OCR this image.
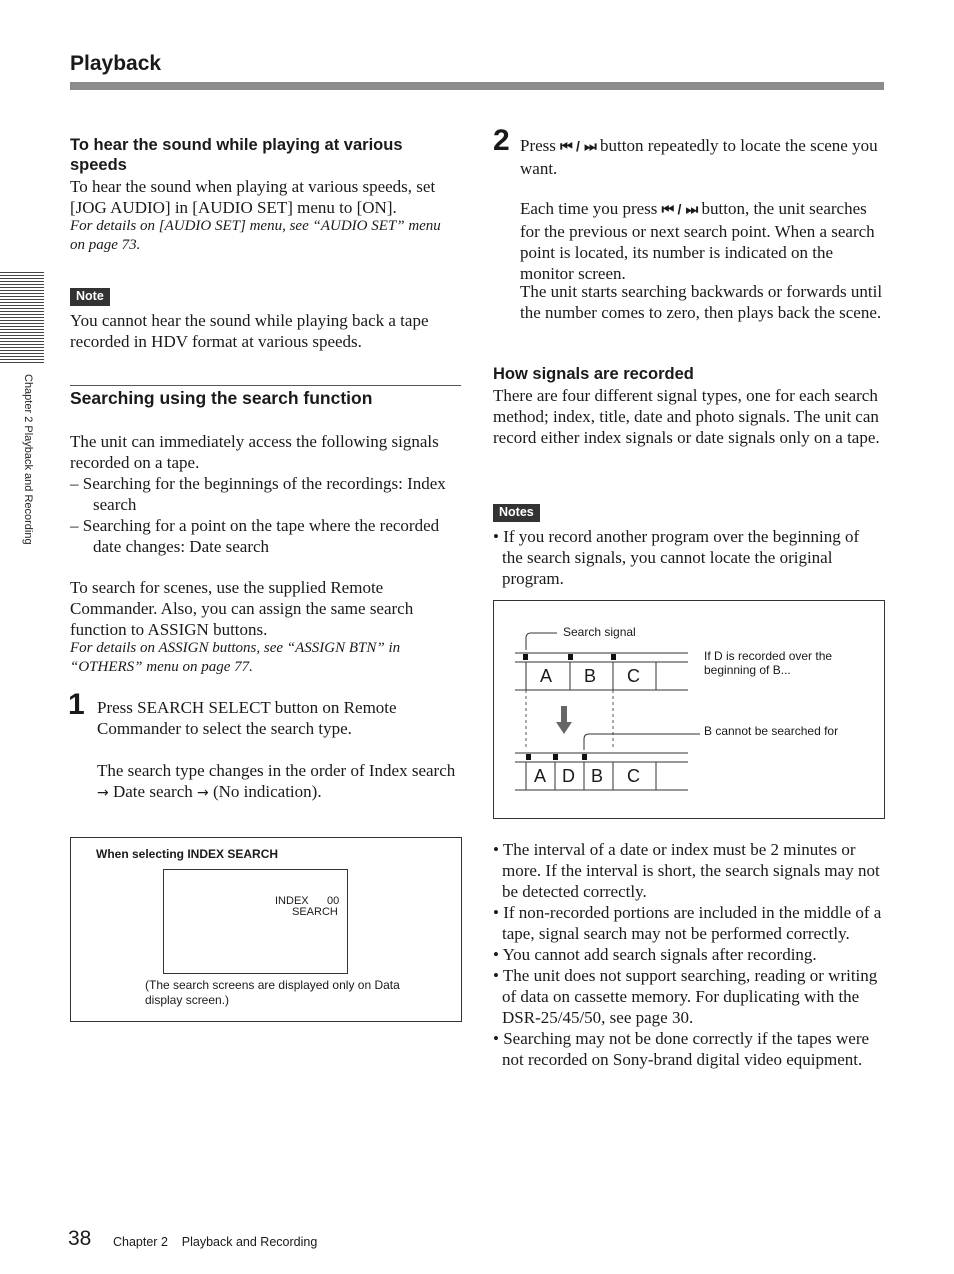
Playback
Chapter 2 Playback and Recording
To hear the sound while playing at various speeds

To hear the sound when playing at various speeds, set [JOG AUDIO] in [AUDIO SET] menu to [ON].

For details on [AUDIO SET] menu, see “AUDIO SET” menu on page 73.

Note

You cannot hear the sound while playing back a tape recorded in HDV format at various speeds.

Searching using the search function

The unit can immediately access the following signals recorded on a tape.

– Searching for the beginnings of the recordings: Index search

– Searching for a point on the tape where the recorded date changes: Date search

To search for scenes, use the supplied Remote Commander. Also, you can assign the same search function to ASSIGN buttons.

For details on ASSIGN buttons, see “ASSIGN BTN” in “OTHERS” menu on page 77.

1 Press SEARCH SELECT button on Remote Commander to select the search type.

The search type changes in the order of Index search → Date search → (No indication).

When selecting INDEX SEARCH
INDEX      00
SEARCH
(The search screens are displayed only on Data display screen.)
2 Press ⏮ / ⏭ button repeatedly to locate the scene you want.

Each time you press ⏮ / ⏭ button, the unit searches for the previous or next search point. When a search point is located, its number is indicated on the monitor screen.

The unit starts searching backwards or forwards until the number comes to zero, then plays back the scene.

How signals are recorded

There are four different signal types, one for each search method; index, title, date and photo signals. The unit can record either index signals or date signals only on a tape.

Notes

• If you record another program over the beginning of the search signals, you cannot locate the original program.

Search signal
If D is recorded over the beginning of B...
B cannot be searched for
A B C
A D B C

• The interval of a date or index must be 2 minutes or more. If the interval is short, the search signals may not be detected correctly.

• If non-recorded portions are included in the middle of a tape, signal search may not be performed correctly.

• You cannot add search signals after recording.

• The unit does not support searching, reading or writing of data on cassette memory. For duplicating with the DSR-25/45/50, see page 30.

• Searching may not be done correctly if the tapes were not recorded on Sony-brand digital video equipment.

38 Chapter 2    Playback and Recording
